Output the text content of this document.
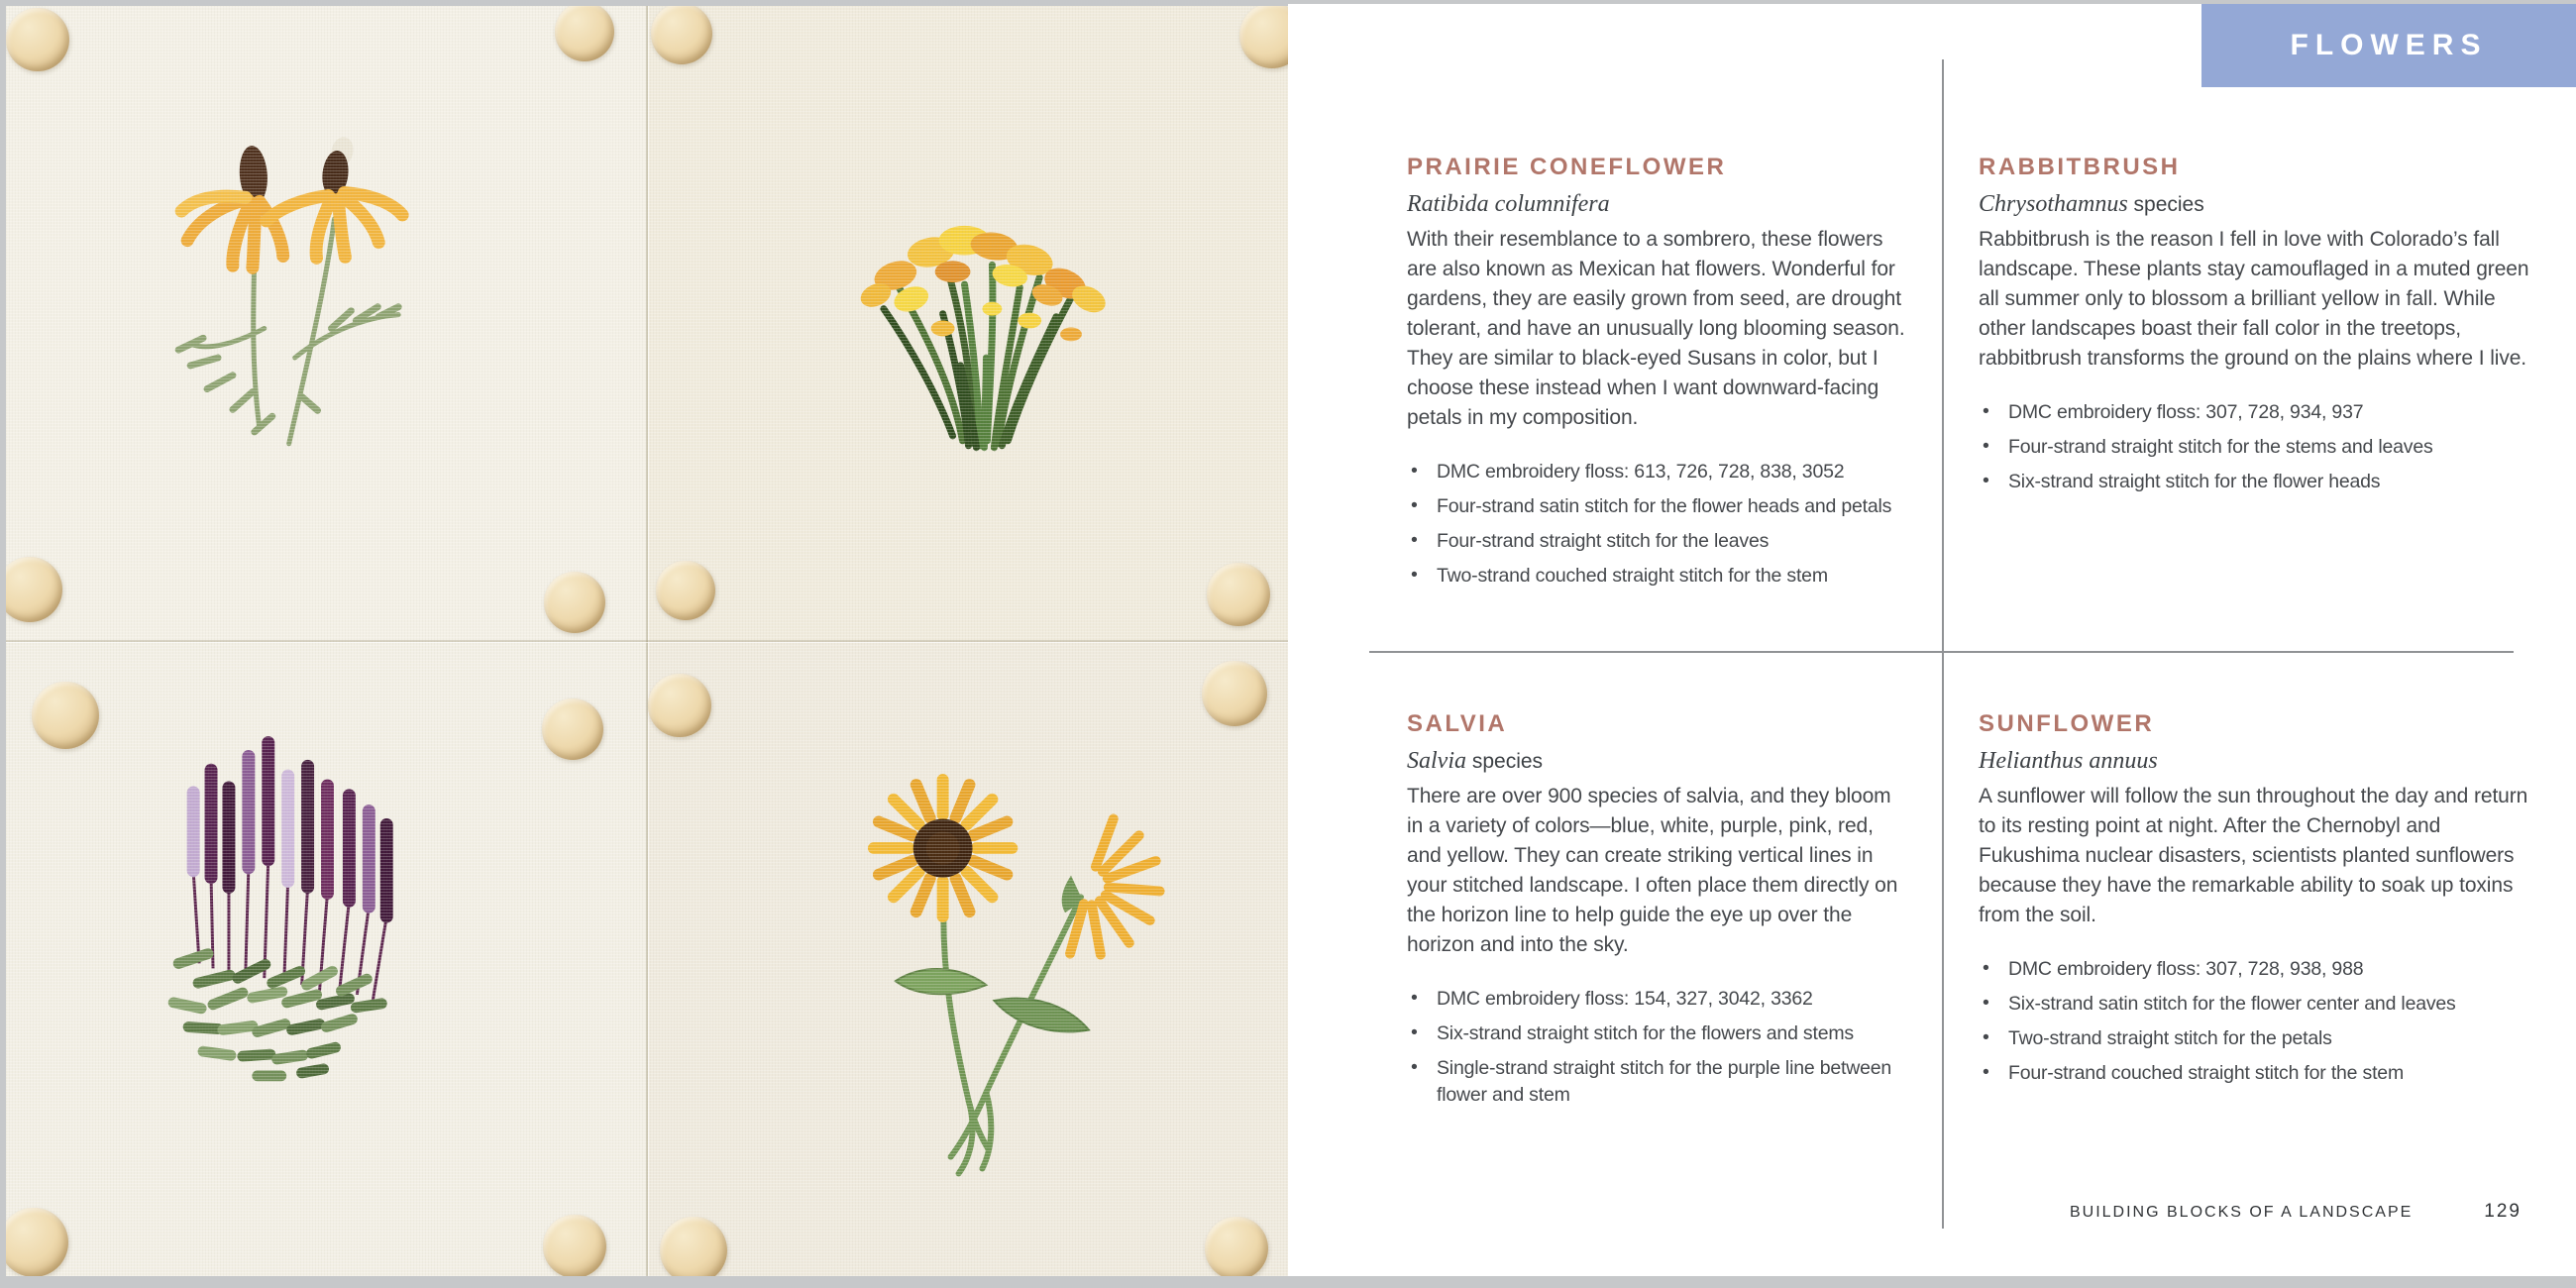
FLOWERS
PRAIRIE CONEFLOWER

Ratibida columnifera

With their resemblance to a sombrero, these flowers are also known as Mexican hat flowers. Wonderful for gardens, they are easily grown from seed, are drought tolerant, and have an unusually long blooming season. They are similar to black-eyed Susans in color, but I choose these instead when I want downward-facing petals in my composition.

• DMC embroidery floss: 613, 726, 728, 838, 3052
• Four-strand satin stitch for the flower heads and petals
• Four-strand straight stitch for the leaves
• Two-strand couched straight stitch for the stem
RABBITBRUSH

Chrysothamnus species

Rabbitbrush is the reason I fell in love with Colorado’s fall landscape. These plants stay camouflaged in a muted green all summer only to blossom a brilliant yellow in fall. While other landscapes boast their fall color in the treetops, rabbitbrush transforms the ground on the plains where I live.

• DMC embroidery floss: 307, 728, 934, 937
• Four-strand straight stitch for the stems and leaves
• Six-strand straight stitch for the flower heads
SALVIA

Salvia species

There are over 900 species of salvia, and they bloom in a variety of colors—blue, white, purple, pink, red, and yellow. They can create striking vertical lines in your stitched landscape. I often place them directly on the horizon line to help guide the eye up over the horizon and into the sky.

• DMC embroidery floss: 154, 327, 3042, 3362
• Six-strand straight stitch for the flowers and stems
• Single-strand straight stitch for the purple line between flower and stem
SUNFLOWER

Helianthus annuus

A sunflower will follow the sun throughout the day and return to its resting point at night. After the Chernobyl and Fukushima nuclear disasters, scientists planted sunflowers because they have the remarkable ability to soak up toxins from the soil.

• DMC embroidery floss: 307, 728, 938, 988
• Six-strand satin stitch for the flower center and leaves
• Two-strand straight stitch for the petals
• Four-strand couched straight stitch for the stem
BUILDING BLOCKS OF A LANDSCAPE	129
